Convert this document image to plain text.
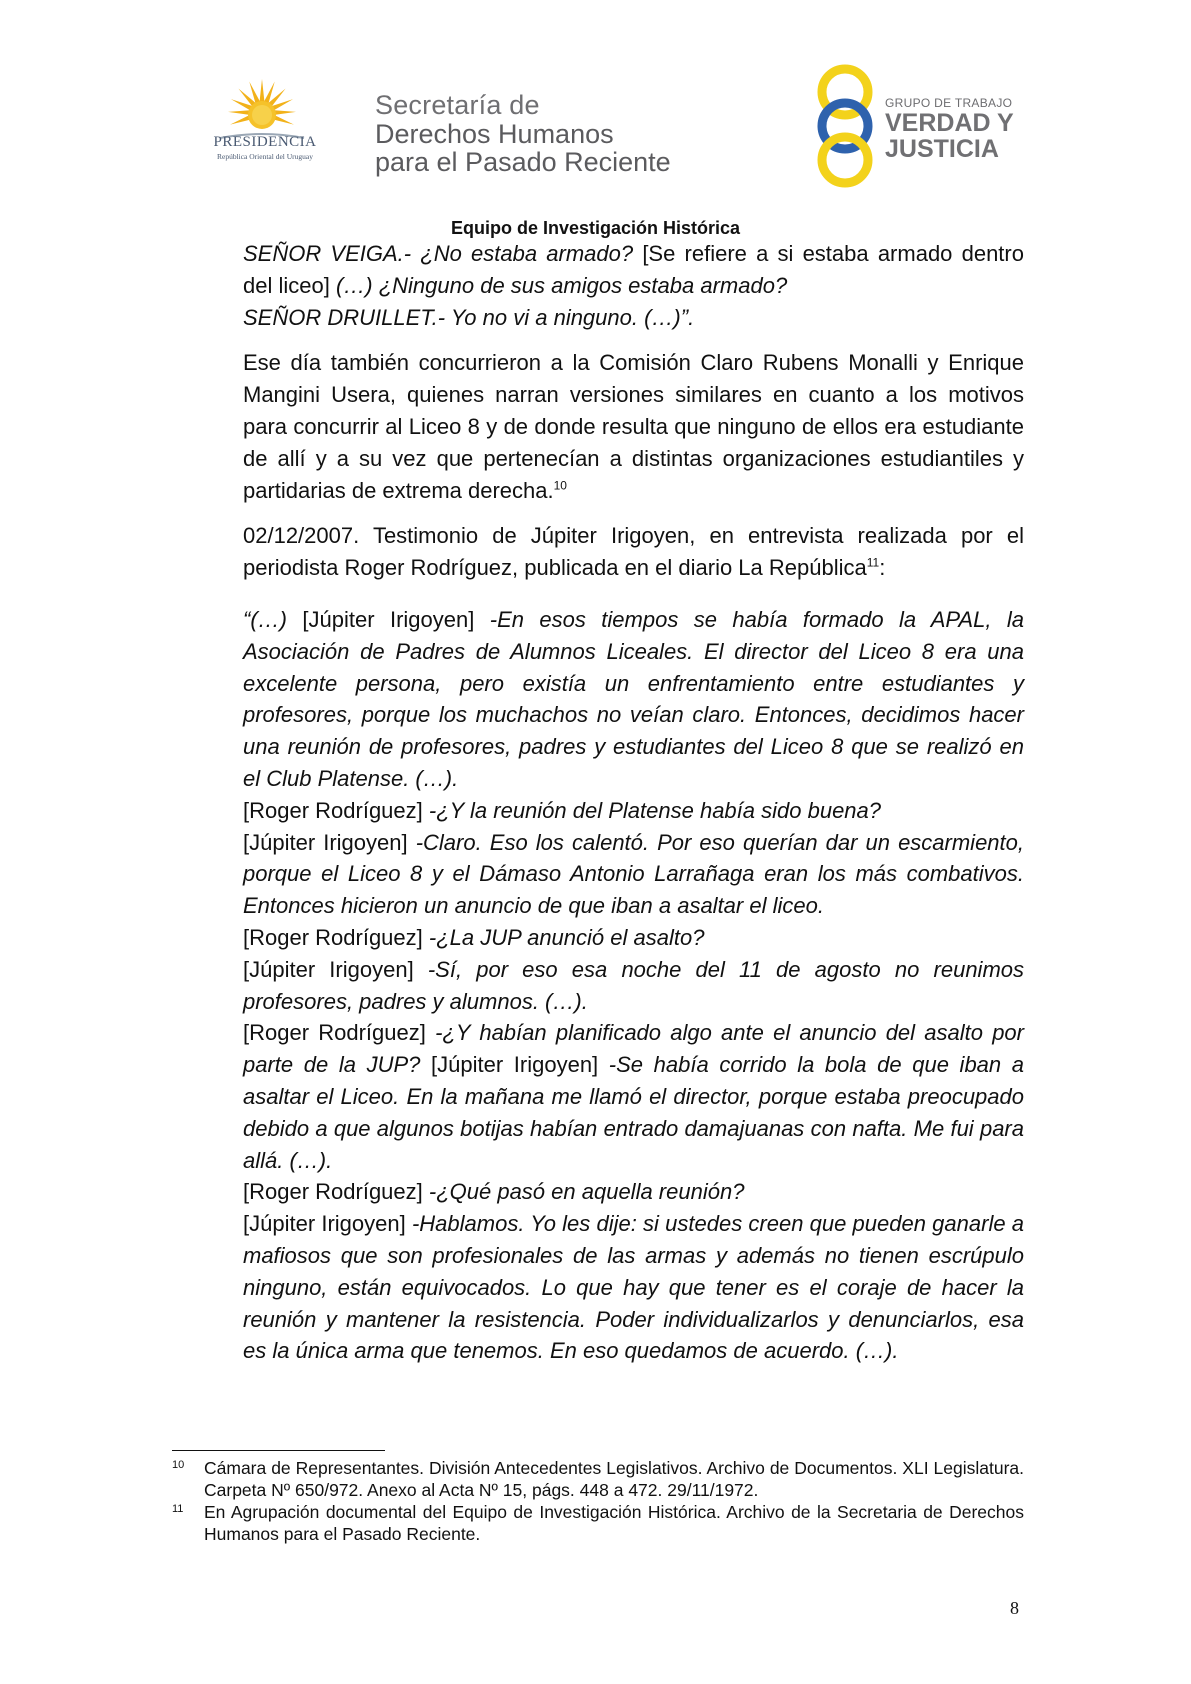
PRESIDENCIA
República Oriental del Uruguay
Secretaría de
Derechos Humanos
para el Pasado Reciente
GRUPO DE TRABAJO
VERDAD Y
JUSTICIA
Equipo de Investigación Histórica

SEÑOR VEIGA.- ¿No estaba armado? [Se refiere a si estaba armado dentro del liceo] (…) ¿Ninguno de sus amigos estaba armado?
SEÑOR DRUILLET.- Yo no vi a ninguno. (…)”.

Ese día también concurrieron a la Comisión Claro Rubens Monalli y Enrique Mangini Usera, quienes narran versiones similares en cuanto a los motivos para concurrir al Liceo 8 y de donde resulta que ninguno de ellos era estudiante de allí y a su vez que pertenecían a distintas organizaciones estudiantiles y partidarias de extrema derecha.$^{10}$

02/12/2007. Testimonio de Júpiter Irigoyen, en entrevista realizada por el periodista Roger Rodríguez, publicada en el diario La República$^{11}$:

“(…) [Júpiter Irigoyen] -En esos tiempos se había formado la APAL, la Asociación de Padres de Alumnos Liceales. El director del Liceo 8 era una excelente persona, pero existía un enfrentamiento entre estudiantes y profesores, porque los muchachos no veían claro. Entonces, decidimos hacer una reunión de profesores, padres y estudiantes del Liceo 8 que se realizó en el Club Platense. (…).

[Roger Rodríguez] -¿Y la reunión del Platense había sido buena?

[Júpiter Irigoyen] -Claro. Eso los calentó. Por eso querían dar un escarmiento, porque el Liceo 8 y el Dámaso Antonio Larrañaga eran los más combativos. Entonces hicieron un anuncio de que iban a asaltar el liceo.

[Roger Rodríguez] -¿La JUP anunció el asalto?

[Júpiter Irigoyen] -Sí, por eso esa noche del 11 de agosto no reunimos profesores, padres y alumnos. (…).

[Roger Rodríguez] -¿Y habían planificado algo ante el anuncio del asalto por parte de la JUP? [Júpiter Irigoyen] -Se había corrido la bola de que iban a asaltar el Liceo. En la mañana me llamó el director, porque estaba preocupado debido a que algunos botijas habían entrado damajuanas con nafta. Me fui para allá. (…).

[Roger Rodríguez] -¿Qué pasó en aquella reunión?

[Júpiter Irigoyen] -Hablamos. Yo les dije: si ustedes creen que pueden ganarle a mafiosos que son profesionales de las armas y además no tienen escrúpulo ninguno, están equivocados. Lo que hay que tener es el coraje de hacer la reunión y mantener la resistencia. Poder individualizarlos y denunciarlos, esa es la única arma que tenemos. En eso quedamos de acuerdo. (…).

10 Cámara de Representantes. División Antecedentes Legislativos. Archivo de Documentos. XLI Legislatura. Carpeta Nº 650/972. Anexo al Acta Nº 15, págs. 448 a 472. 29/11/1972.
11 En Agrupación documental del Equipo de Investigación Histórica. Archivo de la Secretaria de Derechos Humanos para el Pasado Reciente.
8
